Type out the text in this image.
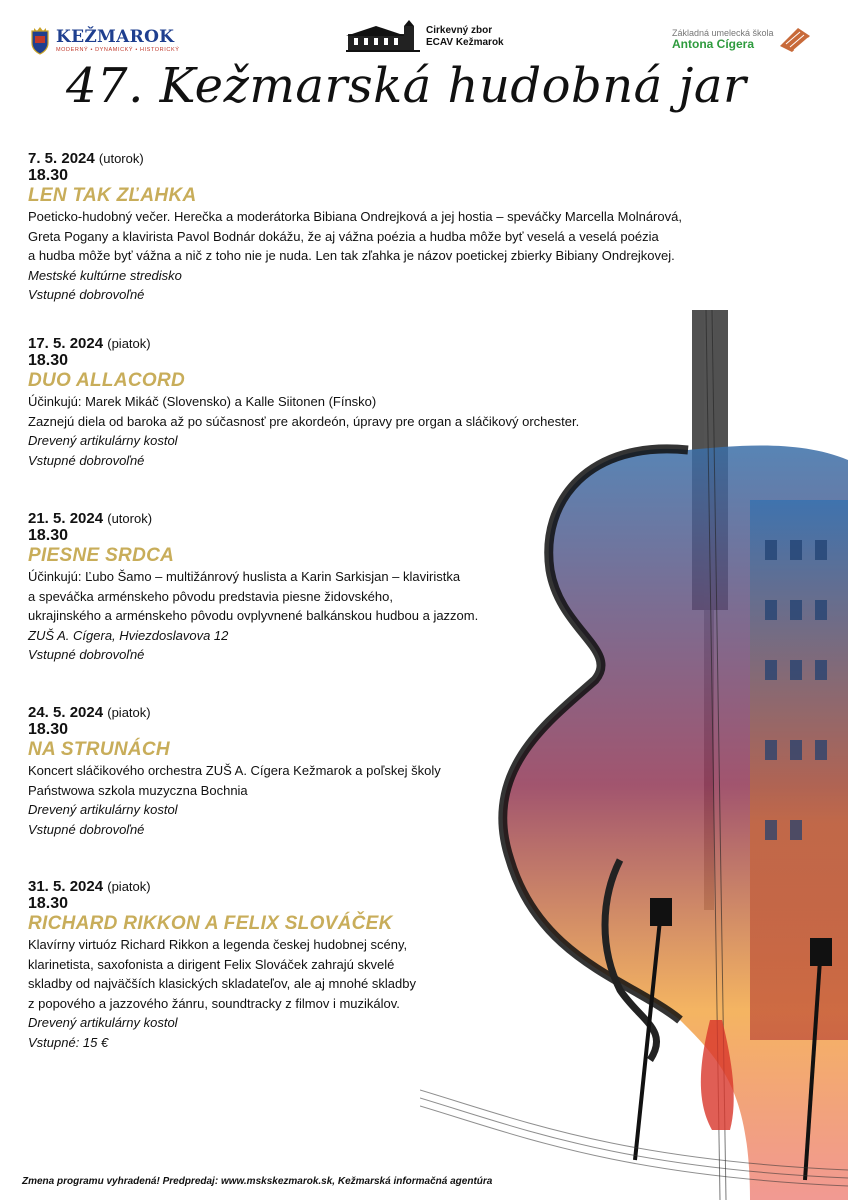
KEŽMAROK
MODERNÝ • DYNAMICKÝ • HISTORICKÝ
Cirkevný zbor
ECAV Kežmarok
Základná umelecká škola
Antona Cígera
47. Kežmarská hudobná jar
7. 5. 2024 (utorok)
18.30
LEN TAK ZĽAHKA
Poeticko-hudobný večer. Herečka a moderátorka Bibiana Ondrejková a jej hostia – speváčky Marcella Molnárová,
Greta Pogany a klavirista Pavol Bodnár dokážu, že aj vážna poézia a hudba môže byť veselá a veselá poézia
a hudba môže byť vážna a nič z toho nie je nuda. Len tak zľahka je názov poetickej zbierky Bibiany Ondrejkovej.
Mestské kultúrne stredisko
Vstupné dobrovoľné
17. 5. 2024 (piatok)
18.30
DUO ALLACORD
Účinkujú: Marek Mikáč (Slovensko) a Kalle Siitonen (Fínsko)
Zaznejú diela od baroka až po súčasnosť pre akordeón, úpravy pre organ a sláčikový orchester.
Drevený artikulárny kostol
Vstupné dobrovoľné
21. 5. 2024 (utorok)
18.30
PIESNE SRDCA
Účinkujú: Ľubo Šamo – multižánrový huslista a Karin Sarkisjan – klaviristka
a speváčka arménskeho pôvodu predstavia piesne židovského,
ukrajinského a arménskeho pôvodu ovplyvnené balkánskou hudbou a jazzom.
ZUŠ A. Cígera, Hviezdoslavova 12
Vstupné dobrovoľné
24. 5. 2024 (piatok)
18.30
NA STRUNÁCH
Koncert sláčikového orchestra ZUŠ A. Cígera Kežmarok a poľskej školy
Państwowa szkola muzyczna Bochnia
Drevený artikulárny kostol
Vstupné dobrovoľné
31. 5. 2024 (piatok)
18.30
RICHARD RIKKON A FELIX SLOVÁČEK
Klavírny virtuóz Richard Rikkon a legenda českej hudobnej scény,
klarinetista, saxofonista a dirigent Felix Slováček zahrajú skvelé
skladby od najväčších klasických skladateľov, ale aj mnohé skladby
z popového a jazzového žánru, soundtracky z filmov i muzikálov.
Drevený artikulárny kostol
Vstupné: 15 €
Zmena programu vyhradená! Predpredaj: www.mskskezmarok.sk, Kežmarská informačná agentúra
